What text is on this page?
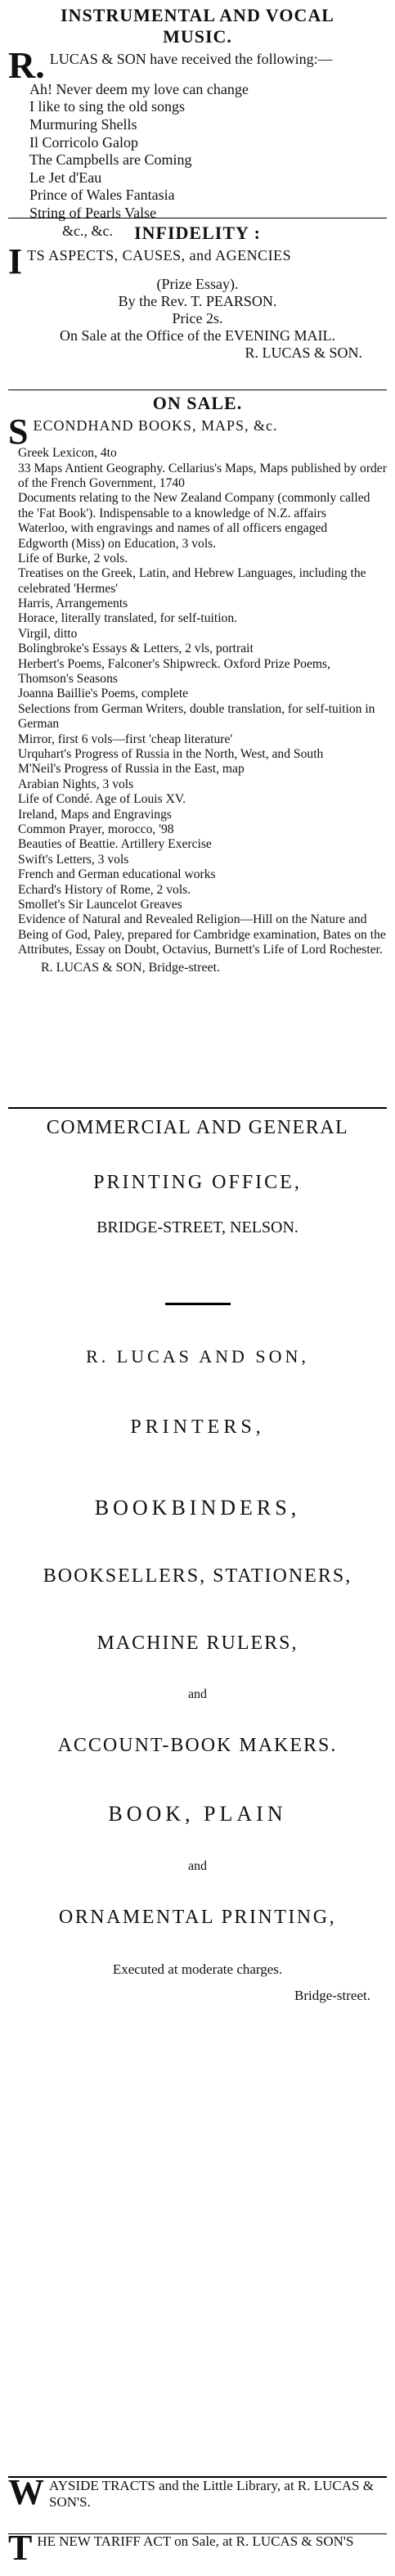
INSTRUMENTAL AND VOCAL
MUSIC.
R. LUCAS & SON have received the following:—
Ah! Never deem my love can change
I like to sing the old songs
Murmuring Shells
Il Corricolo Galop
The Campbells are Coming
Le Jet d'Eau
Prince of Wales Fantasia
String of Pearls Valse
&c., &c.	INFIDELITY :
I TS ASPECTS, CAUSES, and AGENCIES
(Prize Essay).
By the Rev. T. PEARSON.
Price 2s.
On Sale at the Office of the EVENING MAIL.
R. LUCAS & SON.
ON SALE.
S ECONDHAND BOOKS, MAPS, &c.
Greek Lexicon, 4to
33 Maps Antient Geography. Cellarius's Maps, Maps published by order of the French Government, 1740
Documents relating to the New Zealand Company (commonly called the 'Fat Book'). Indispensable to a knowledge of N.Z. affairs
Waterloo, with engravings and names of all officers engaged
Edgworth (Miss) on Education, 3 vols.
Life of Burke, 2 vols.
Treatises on the Greek, Latin, and Hebrew Languages, including the celebrated 'Hermes'
Harris, Arrangements
Horace, literally translated, for self-tuition.
Virgil, ditto
Bolingbroke's Essays & Letters, 2 vls, portrait
Herbert's Poems, Falconer's Shipwreck. Oxford Prize Poems, Thomson's Seasons
Joanna Baillie's Poems, complete
Selections from German Writers, double translation, for self-tuition in German
Mirror, first 6 vols—first 'cheap literature'
Urquhart's Progress of Russia in the North, West, and South
M'Neil's Progress of Russia in the East, map
Arabian Nights, 3 vols
Life of Condé. Age of Louis XV.
Ireland, Maps and Engravings
Common Prayer, morocco, '98
Beauties of Beattie. Artillery Exercise
Swift's Letters, 3 vols
French and German educational works
Echard's History of Rome, 2 vols.
Smollet's Sir Launcelot Greaves
Evidence of Natural and Revealed Religion—Hill on the Nature and Being of God, Paley, prepared for Cambridge examination, Bates on the Attributes, Essay on Doubt, Octavius, Burnett's Life of Lord Rochester.
R. LUCAS & SON, Bridge-street.
COMMERCIAL AND GENERAL
PRINTING OFFICE,
BRIDGE-STREET, NELSON.
R. LUCAS AND SON,
PRINTERS,
BOOKBINDERS,
BOOKSELLERS, STATIONERS,
MACHINE RULERS,
and
ACCOUNT-BOOK MAKERS.
BOOK, PLAIN
and
ORNAMENTAL PRINTING,
Executed at moderate charges.
Bridge-street.
W AYSIDE TRACTS and the Little Library, at R. LUCAS & SON'S.
T HE NEW TARIFF ACT on Sale, at R. LUCAS & SON'S
